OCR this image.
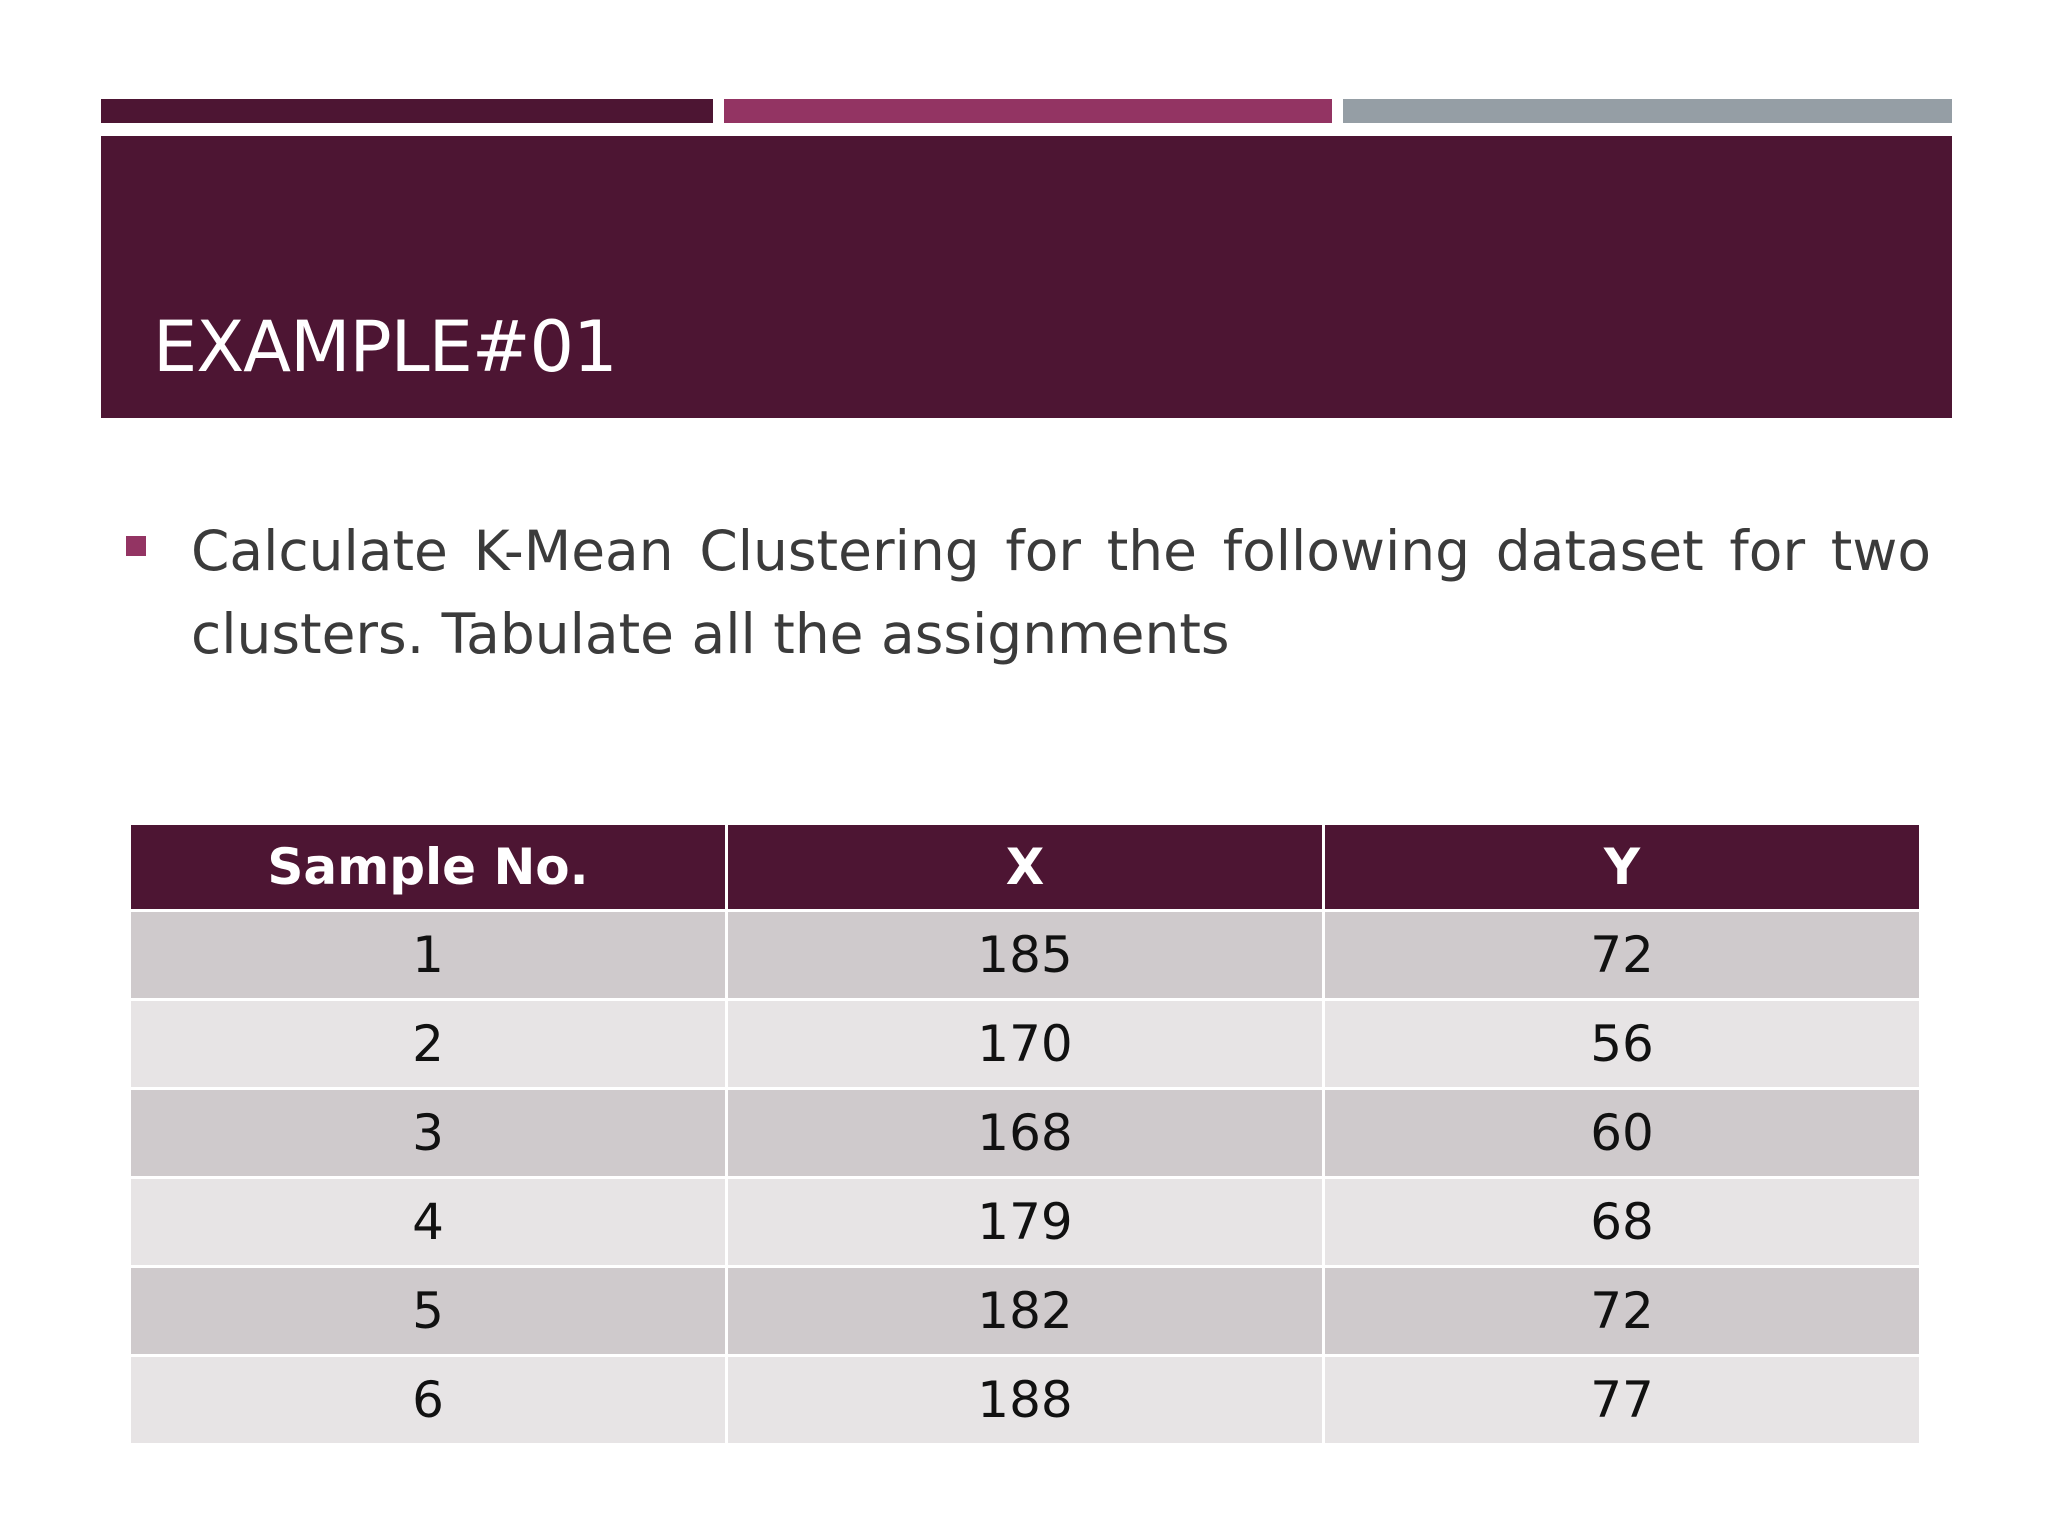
EXAMPLE#01

Calculate K-Mean Clustering for the following dataset for two clusters. Tabulate all the assignments

Sample No.	X	Y
1	185	72
2	170	56
3	168	60
4	179	68
5	182	72
6	188	77
